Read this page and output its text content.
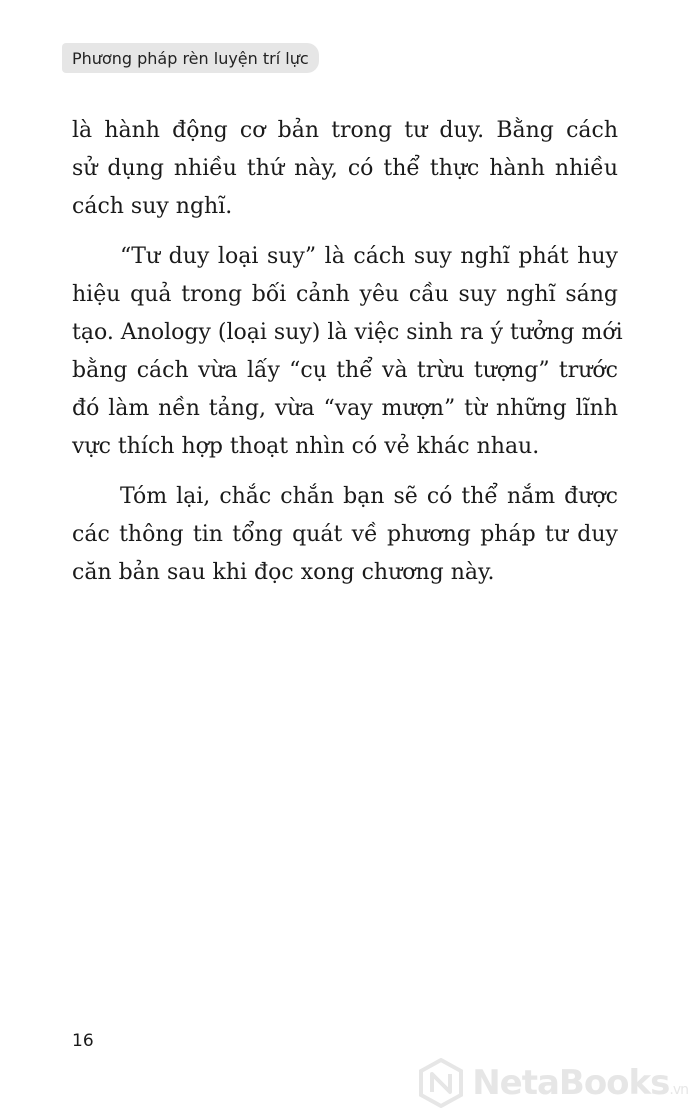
Phương pháp rèn luyện trí lực

là hành động cơ bản trong tư duy. Bằng cách
sử dụng nhiều thứ này, có thể thực hành nhiều
cách suy nghĩ.

“Tư duy loại suy” là cách suy nghĩ phát huy
hiệu quả trong bối cảnh yêu cầu suy nghĩ sáng
tạo. Anology (loại suy) là việc sinh ra ý tưởng mới
bằng cách vừa lấy “cụ thể và trừu tượng” trước
đó làm nền tảng, vừa “vay mượn” từ những lĩnh
vực thích hợp thoạt nhìn có vẻ khác nhau.

Tóm lại, chắc chắn bạn sẽ có thể nắm được
các thông tin tổng quát về phương pháp tư duy
căn bản sau khi đọc xong chương này.

16
NetaBooks.vn
